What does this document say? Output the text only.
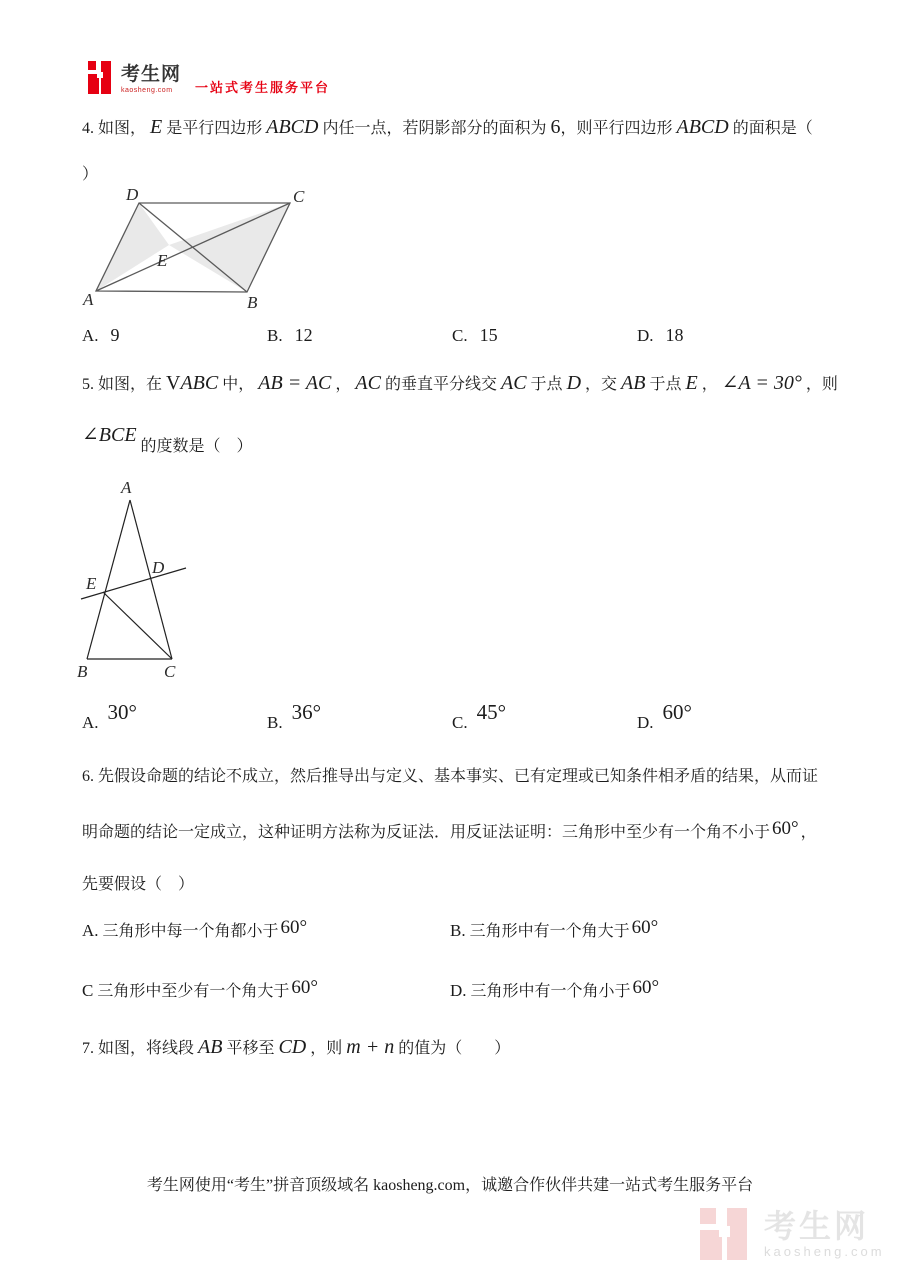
考生网
kaosheng.com	一站式考生服务平台
4. 如图， E 是平行四边形 ABCD 内任一点，若阴影部分的面积为 6，则平行四边形 ABCD 的面积是（
）
D	C
A	B
E
A. 9	B. 12	C. 15	D. 18
5. 如图，在 VABC 中， AB = AC ， AC 的垂直平分线交 AC 于点 D ，交 AB 于点 E ， ∠A = 30° ，则
∠BCE的度数是（　）
A
B	C
E
D
A. 30°	B. 36°	C. 45°	D. 60°
6. 先假设命题的结论不成立，然后推导出与定义、基本事实、已有定理或已知条件相矛盾的结果，从而证
明命题的结论一定成立，这种证明方法称为反证法．用反证法证明：三角形中至少有一个角不小于 60° ，
先要假设（　）
A. 三角形中每一个角都小于 60°	B. 三角形中有一个角大于 60°
C 三角形中至少有一个角大于 60°	D. 三角形中有一个角小于 60°
7. 如图，将线段 AB 平移至 CD ，则 m + n 的值为（　　）
考生网使用“考生”拼音顶级域名 kaosheng.com，诚邀合作伙伴共建一站式考生服务平台
考生网
kaosheng.com
